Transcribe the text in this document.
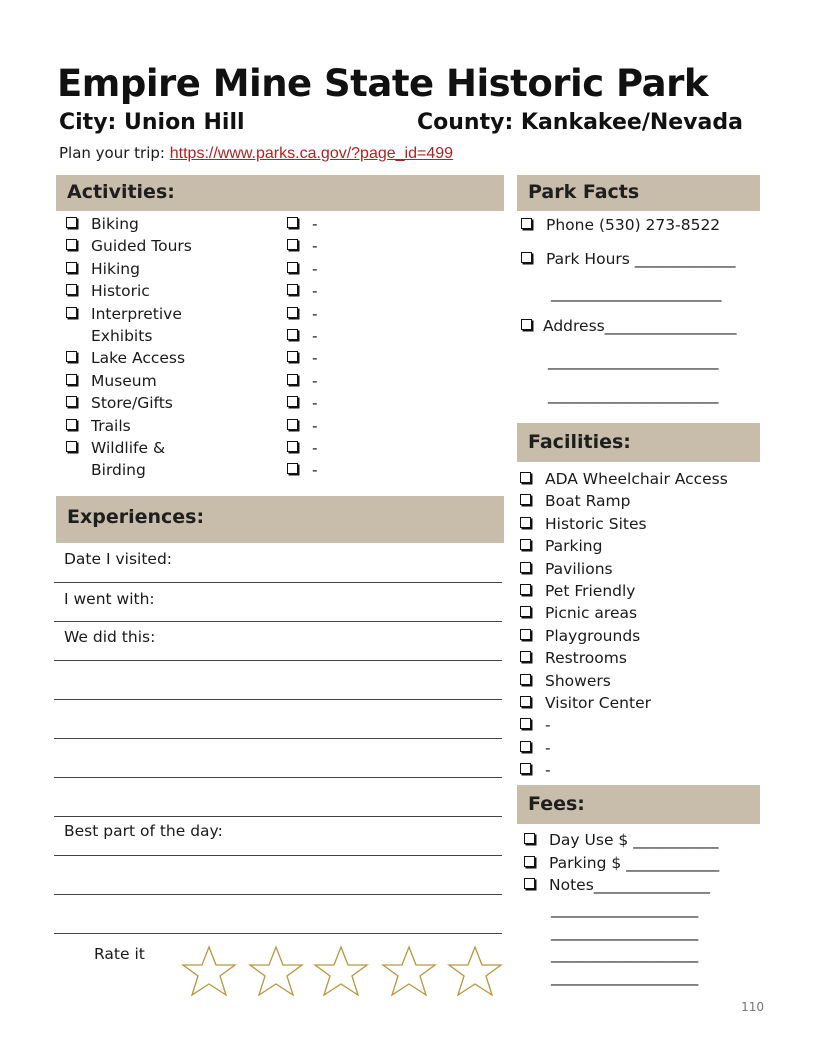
Empire Mine State Historic Park
City: Union Hill	County: Kankakee/Nevada
Plan your trip: https://www.parks.ca.gov/?page_id=499
Activities:
Biking
Guided Tours
Hiking
Historic
Interpretive
Exhibits
Lake Access
Museum
Store/Gifts
Trails
Wildlife &
Birding
-
-
-
-
-
-
-
-
-
-
-
-
Experiences:
Date I visited:
I went with:
We did this:
Best part of the day:
Rate it
Park Facts
Phone (530) 273-8522
Park Hours _____________
______________________
Address_________________
______________________
______________________
Facilities:
ADA Wheelchair Access
Boat Ramp
Historic Sites
Parking
Pavilions
Pet Friendly
Picnic areas
Playgrounds
Restrooms
Showers
Visitor Center
-
-
-
Fees:
Day Use $ ___________
Parking $ ____________
Notes_______________
___________________
___________________
___________________
___________________
110
